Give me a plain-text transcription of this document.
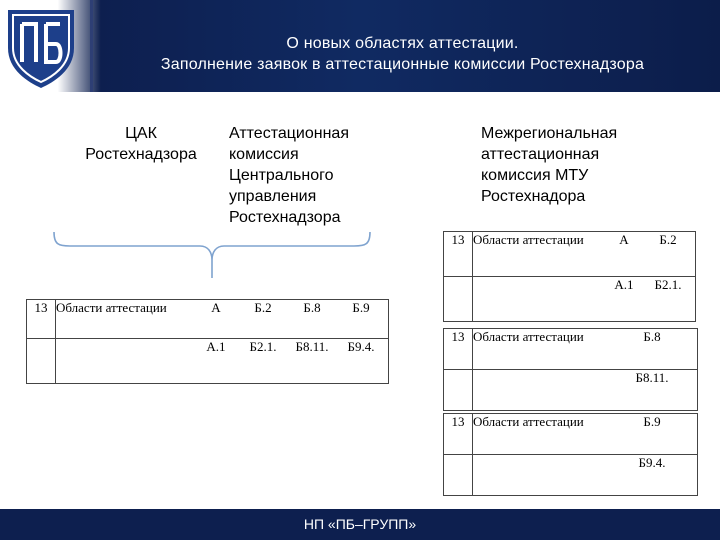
О новых областях аттестации.
Заполнение заявок в аттестационные комиссии Ростехнадзора
ЦАК
Ростехнадзора
Аттестационная
комиссия
Центрального
управления
Ростехнадзора
Межрегиональная
аттестационная
комиссия МТУ
Ростехнадора
13	Области аттестации	А	Б.2	Б.8	Б.9
		А.1	Б2.1.	Б8.11.	Б9.4.
13	Области аттестации	А	Б.2
		А.1	Б2.1.
13	Области аттестации	Б.8
		Б8.11.
13	Области аттестации	Б.9
		Б9.4.
НП «ПБ–ГРУПП»
